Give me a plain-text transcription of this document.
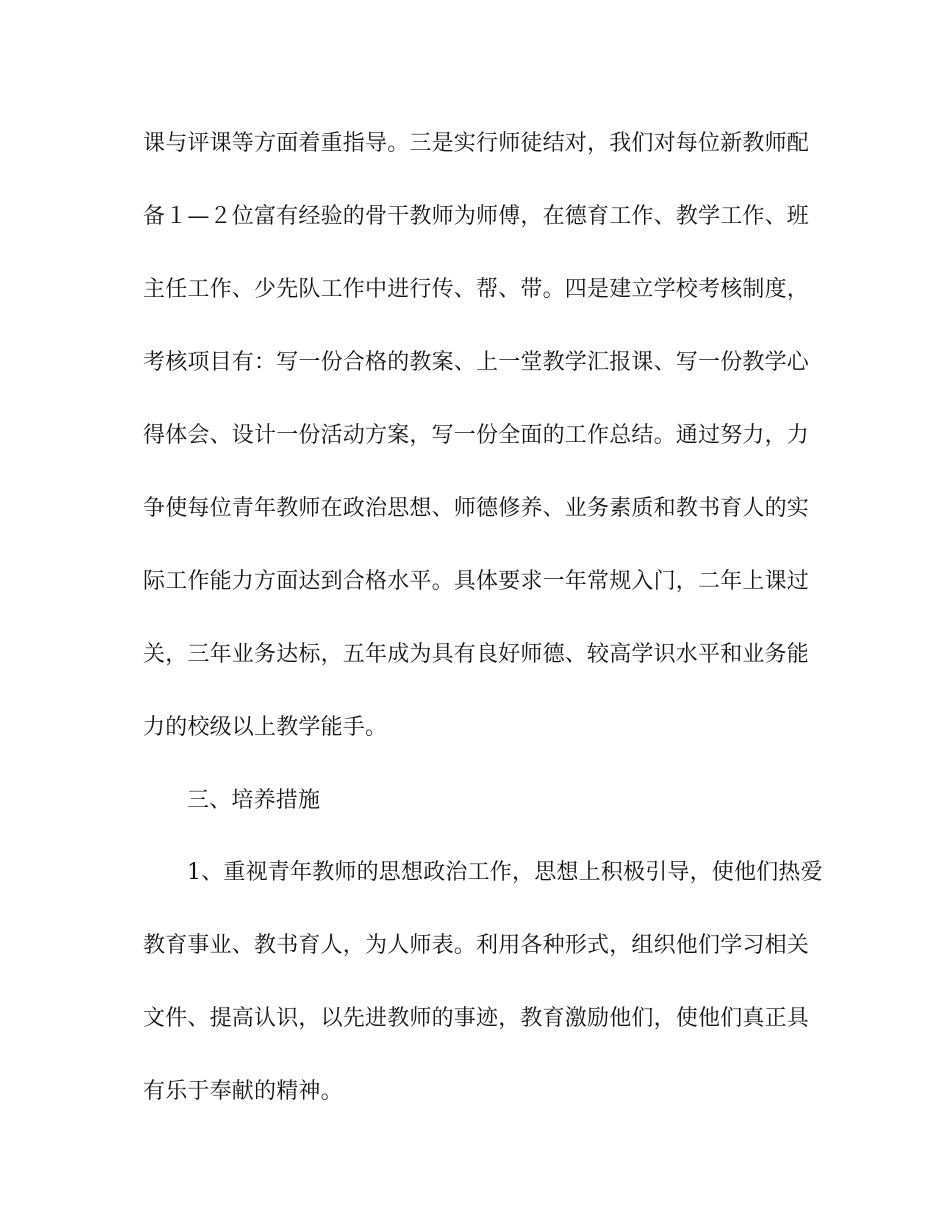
课与评课等方面着重指导。三是实行师徒结对，我们对每位新教师配
备１—２位富有经验的骨干教师为师傅，在德育工作、教学工作、班
主任工作、少先队工作中进行传、帮、带。四是建立学校考核制度，
考核项目有：写一份合格的教案、上一堂教学汇报课、写一份教学心
得体会、设计一份活动方案，写一份全面的工作总结。通过努力，力
争使每位青年教师在政治思想、师德修养、业务素质和教书育人的实
际工作能力方面达到合格水平。具体要求一年常规入门，二年上课过
关，三年业务达标，五年成为具有良好师德、较高学识水平和业务能
力的校级以上教学能手。
三、培养措施
1、重视青年教师的思想政治工作，思想上积极引导，使他们热爱
教育事业、教书育人，为人师表。利用各种形式，组织他们学习相关
文件、提高认识，以先进教师的事迹，教育激励他们，使他们真正具
有乐于奉献的精神。
